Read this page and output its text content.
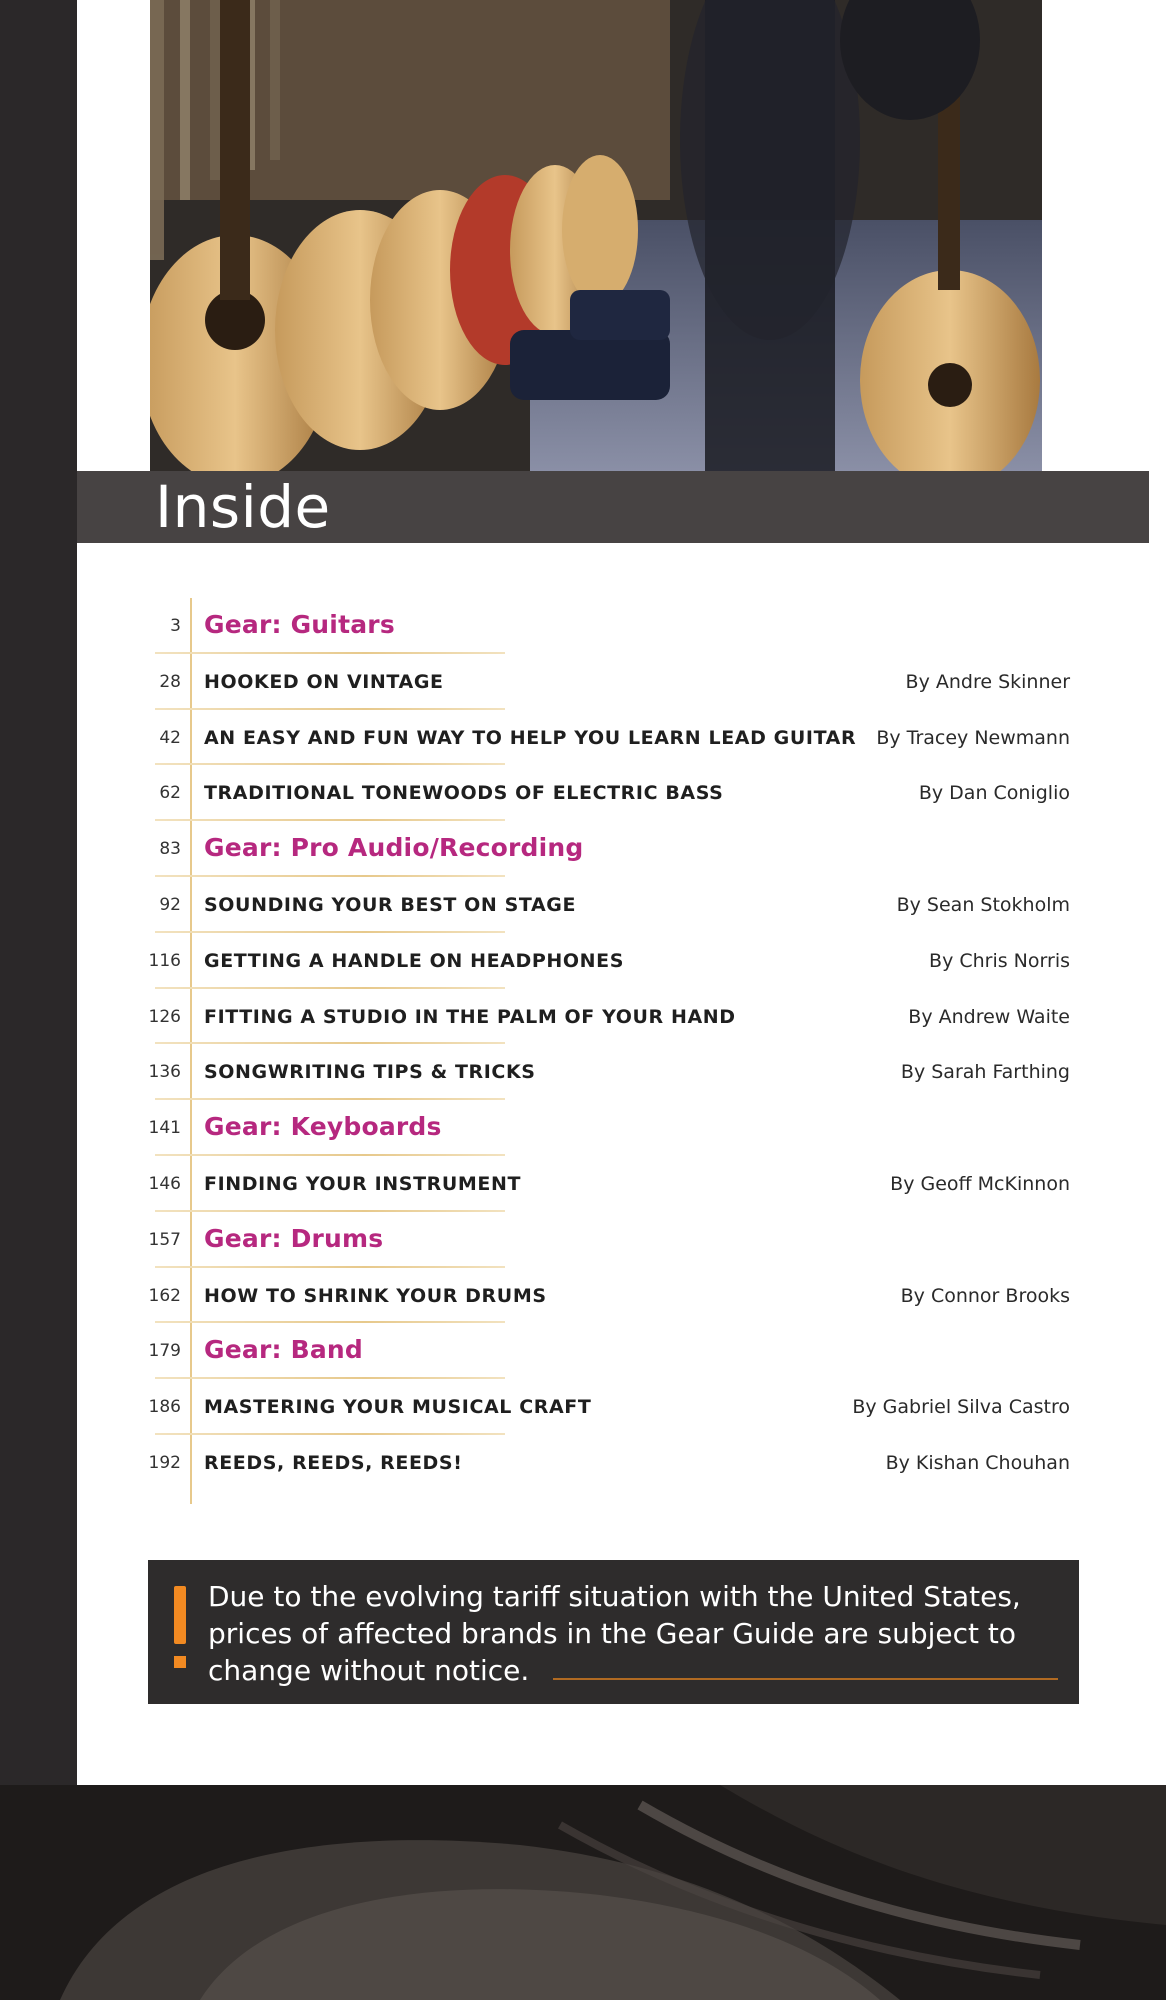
Inside
3 Gear: Guitars
28 HOOKED ON VINTAGE	By Andre Skinner
42 AN EASY AND FUN WAY TO HELP YOU LEARN LEAD GUITAR By Tracey Newmann
62 TRADITIONAL TONEWOODS OF ELECTRIC BASS	By Dan Coniglio
83 Gear: Pro Audio/Recording
92 SOUNDING YOUR BEST ON STAGE	By Sean Stokholm
116 GETTING A HANDLE ON HEADPHONES	By Chris Norris
126 FITTING A STUDIO IN THE PALM OF YOUR HAND	By Andrew Waite
136 SONGWRITING TIPS & TRICKS	By Sarah Farthing
141 Gear: Keyboards
146 FINDING YOUR INSTRUMENT	By Geoff McKinnon
157 Gear: Drums
162 HOW TO SHRINK YOUR DRUMS	By Connor Brooks
179 Gear: Band
186 MASTERING YOUR MUSICAL CRAFT	By Gabriel Silva Castro
192 REEDS, REEDS, REEDS!	By Kishan Chouhan
Due to the evolving tariff situation with the United States, prices of affected brands in the Gear Guide are subject to change without notice.
